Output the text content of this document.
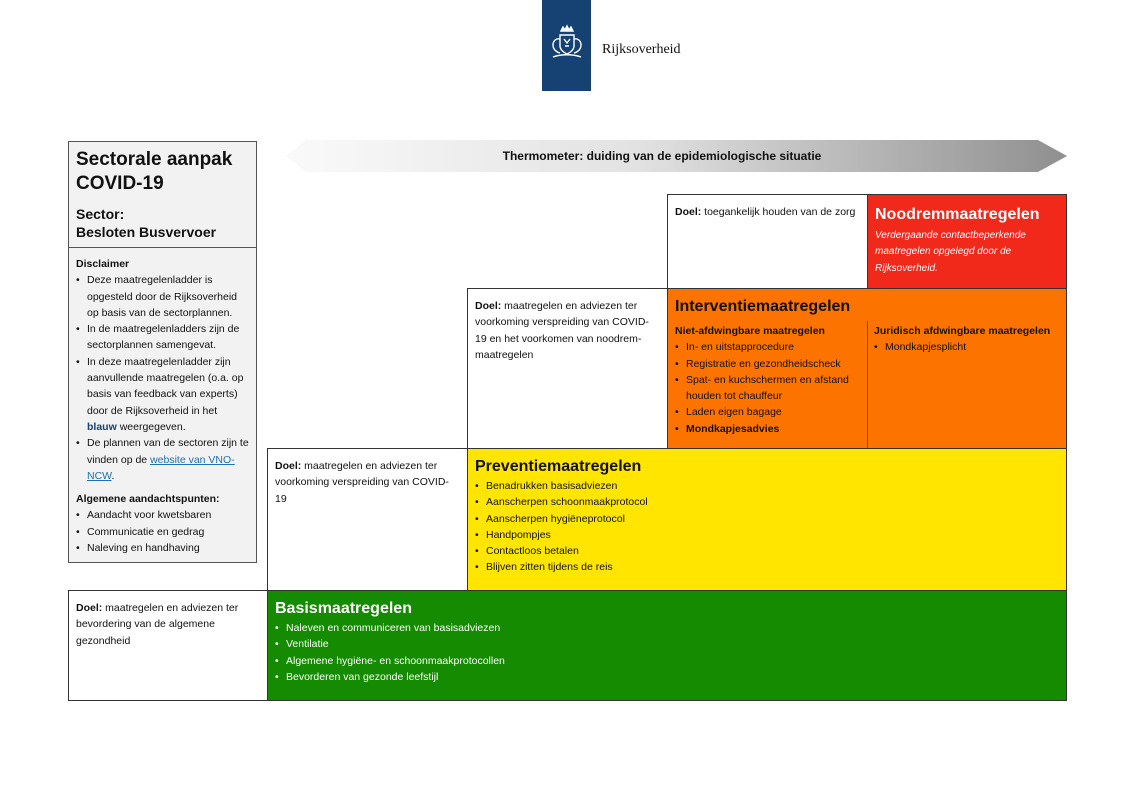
Rijksoverheid
Sectorale aanpak
COVID-19
Sector:
Besloten Busvervoer
Disclaimer
• Deze maatregelenladder is opgesteld door de Rijksoverheid op basis van de sectorplannen.
• In de maatregelenladders zijn de sectorplannen samengevat.
• In deze maatregelenladder zijn aanvullende maatregelen (o.a. op basis van feedback van experts) door de Rijksoverheid in het blauw weergegeven.
• De plannen van de sectoren zijn te vinden op de website van VNO-NCW.
Algemene aandachtspunten:
• Aandacht voor kwetsbaren
• Communicatie en gedrag
• Naleving en handhaving
Thermometer: duiding van de epidemiologische situatie
Doel: toegankelijk houden van de zorg	Noodremmaatregelen
Verdergaande contactbeperkende maatregelen opgelegd door de Rijksoverheid.
Doel: maatregelen en adviezen ter voorkoming verspreiding van COVID-19 en het voorkomen van noodrem-maatregelen
Interventiemaatregelen
Niet-afdwingbare maatregelen
• In- en uitstapprocedure
• Registratie en gezondheidscheck
• Spat- en kuchschermen en afstand houden tot chauffeur
• Laden eigen bagage
• Mondkapjesadvies
Juridisch afdwingbare maatregelen
• Mondkapjesplicht
Doel: maatregelen en adviezen ter voorkoming verspreiding van COVID-19
Preventiemaatregelen
• Benadrukken basisadviezen
• Aanscherpen schoonmaakprotocol
• Aanscherpen hygiëneprotocol
• Handpompjes
• Contactloos betalen
• Blijven zitten tijdens de reis
Doel: maatregelen en adviezen ter bevordering van de algemene gezondheid
Basismaatregelen
• Naleven en communiceren van basisadviezen
• Ventilatie
• Algemene hygiëne- en schoonmaakprotocollen
• Bevorderen van gezonde leefstijl
